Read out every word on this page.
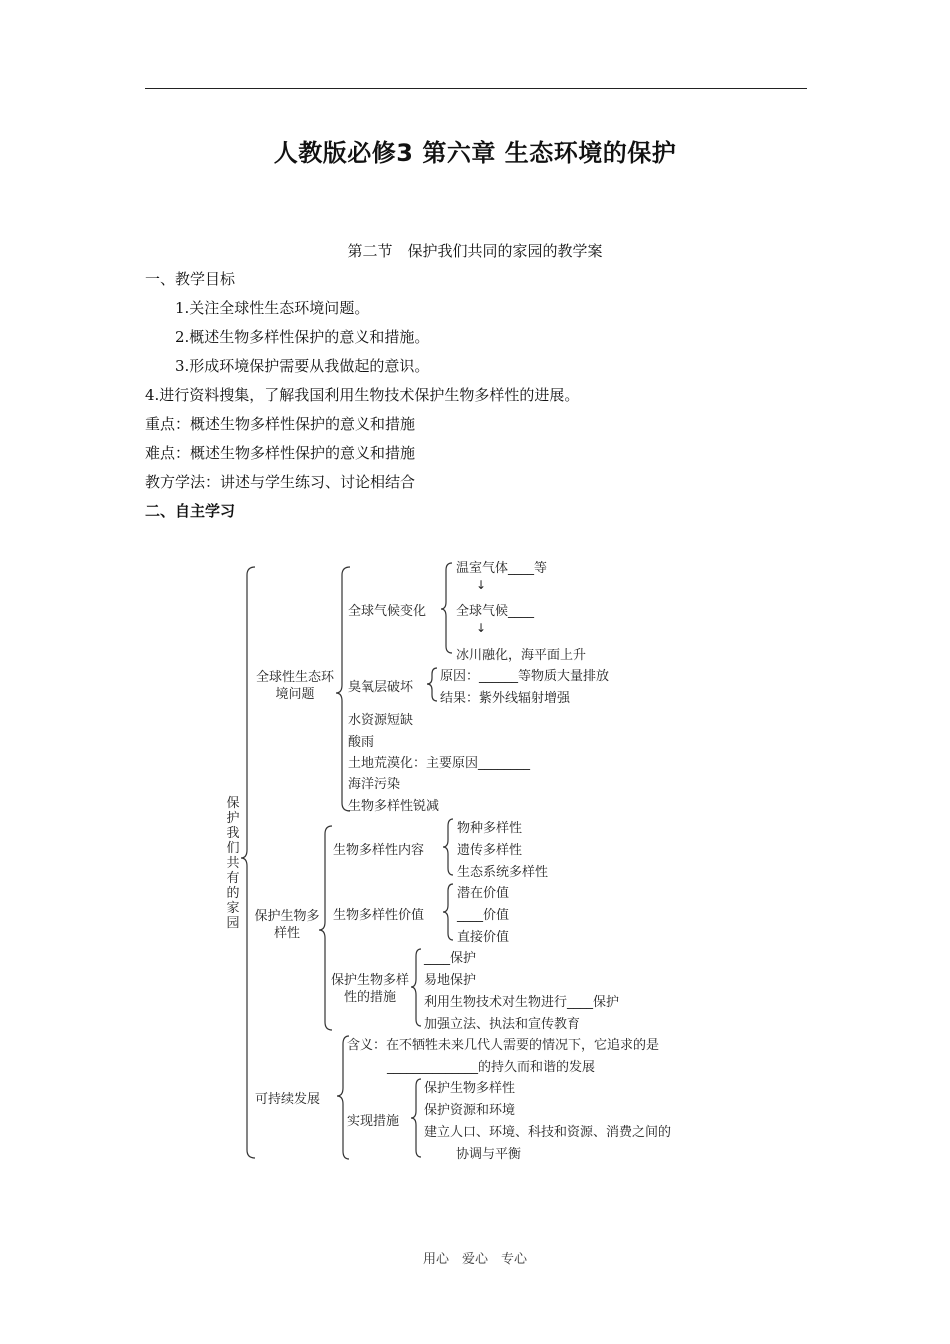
人教版必修3 第六章 生态环境的保护
第二节　保护我们共同的家园的教学案
一、教学目标
1.关注全球性生态环境问题。
2.概述生物多样性保护的意义和措施。
3.形成环境保护需要从我做起的意识。
4.进行资料搜集，了解我国利用生物技术保护生物多样性的进展。
重点：概述生物多样性保护的意义和措施
难点：概述生物多样性保护的意义和措施
教方学法：讲述与学生练习、讨论相结合
二、自主学习
保护我们共有的家园
全球性生态环境问题
全球气候变化
温室气体____等
↓
全球气候____
↓
冰川融化，海平面上升
臭氧层破坏
原因：______等物质大量排放
结果：紫外线辐射增强
水资源短缺
酸雨
土地荒漠化：主要原因________
海洋污染
生物多样性锐减
保护生物多样性
生物多样性内容
物种多样性
遗传多样性
生态系统多样性
生物多样性价值
潜在价值
____价值
直接价值
保护生物多样性的措施
____保护
易地保护
利用生物技术对生物进行____保护
加强立法、执法和宣传教育
可持续发展
含义：在不牺牲未来几代人需要的情况下，它追求的是
______________的持久而和谐的发展
实现措施
保护生物多样性
保护资源和环境
建立人口、环境、科技和资源、消费之间的
协调与平衡
用心　爱心　专心
